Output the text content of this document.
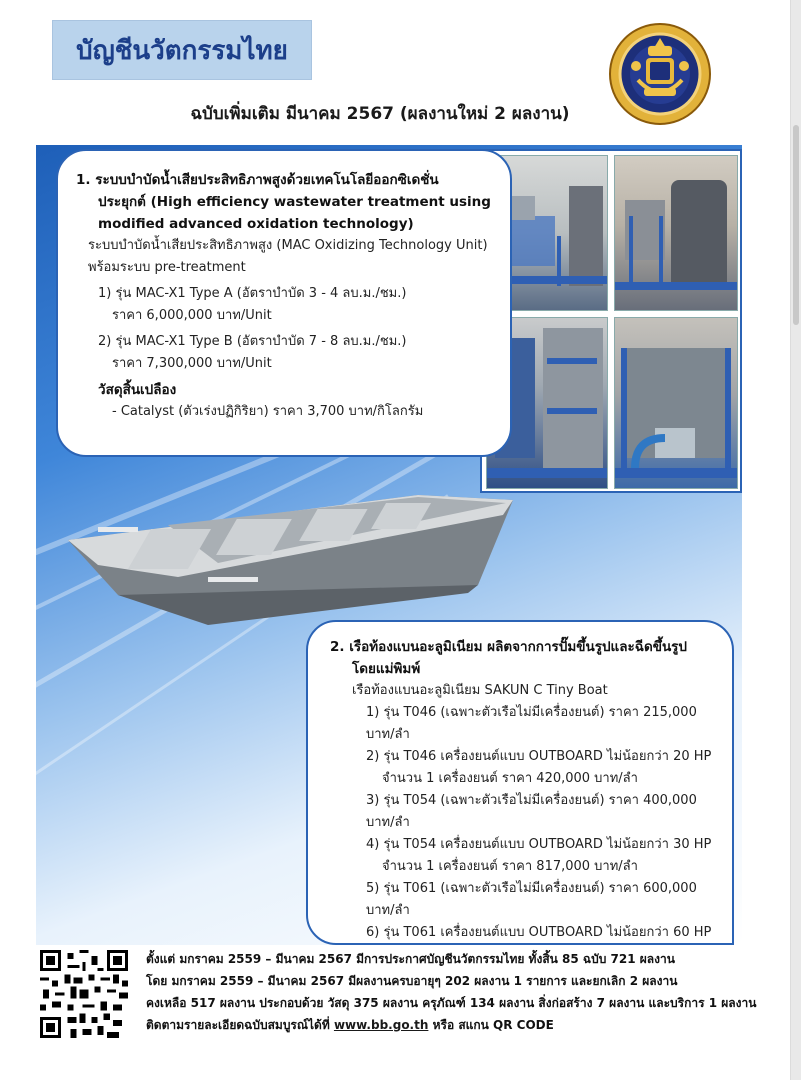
บัญชีนวัตกรรมไทย
ฉบับเพิ่มเติม มีนาคม 2567 (ผลงานใหม่ 2 ผลงาน)
1. ระบบบำบัดน้ำเสียประสิทธิภาพสูงด้วยเทคโนโลยีออกซิเดชั่น
ประยุกต์ (High efficiency wastewater treatment using
modified advanced oxidation technology)
ระบบบำบัดน้ำเสียประสิทธิภาพสูง (MAC Oxidizing Technology Unit)
พร้อมระบบ pre-treatment
1) รุ่น MAC-X1 Type A (อัตราบำบัด 3 - 4 ลบ.ม./ชม.)
ราคา 6,000,000 บาท/Unit
2) รุ่น MAC-X1 Type B (อัตราบำบัด 7 - 8 ลบ.ม./ชม.)
ราคา 7,300,000 บาท/Unit
วัสดุสิ้นเปลือง
- Catalyst (ตัวเร่งปฏิกิริยา) ราคา 3,700 บาท/กิโลกรัม
2. เรือท้องแบนอะลูมิเนียม ผลิตจากการปั๊มขึ้นรูปและฉีดขึ้นรูป
โดยแม่พิมพ์
เรือท้องแบนอะลูมิเนียม SAKUN C Tiny Boat
1) รุ่น T046 (เฉพาะตัวเรือไม่มีเครื่องยนต์) ราคา 215,000 บาท/ลำ
2) รุ่น T046 เครื่องยนต์แบบ OUTBOARD ไม่น้อยกว่า 20 HP
จำนวน 1 เครื่องยนต์ ราคา 420,000 บาท/ลำ
3) รุ่น T054 (เฉพาะตัวเรือไม่มีเครื่องยนต์) ราคา 400,000 บาท/ลำ
4) รุ่น T054 เครื่องยนต์แบบ OUTBOARD ไม่น้อยกว่า 30 HP
จำนวน 1 เครื่องยนต์ ราคา 817,000 บาท/ลำ
5) รุ่น T061 (เฉพาะตัวเรือไม่มีเครื่องยนต์) ราคา 600,000 บาท/ลำ
6) รุ่น T061 เครื่องยนต์แบบ OUTBOARD ไม่น้อยกว่า 60 HP
ตั้งแต่ มกราคม 2559 – มีนาคม 2567 มีการประกาศบัญชีนวัตกรรมไทย ทั้งสิ้น 85 ฉบับ 721 ผลงาน
โดย มกราคม 2559 – มีนาคม 2567 มีผลงานครบอายุๆ 202 ผลงาน 1 รายการ และยกเลิก 2 ผลงาน
คงเหลือ 517 ผลงาน ประกอบด้วย วัสดุ 375 ผลงาน ครุภัณฑ์ 134 ผลงาน สิ่งก่อสร้าง 7 ผลงาน และบริการ 1 ผลงาน
ติดตามรายละเอียดฉบับสมบูรณ์ได้ที่ www.bb.go.th หรือ สแกน QR CODE
